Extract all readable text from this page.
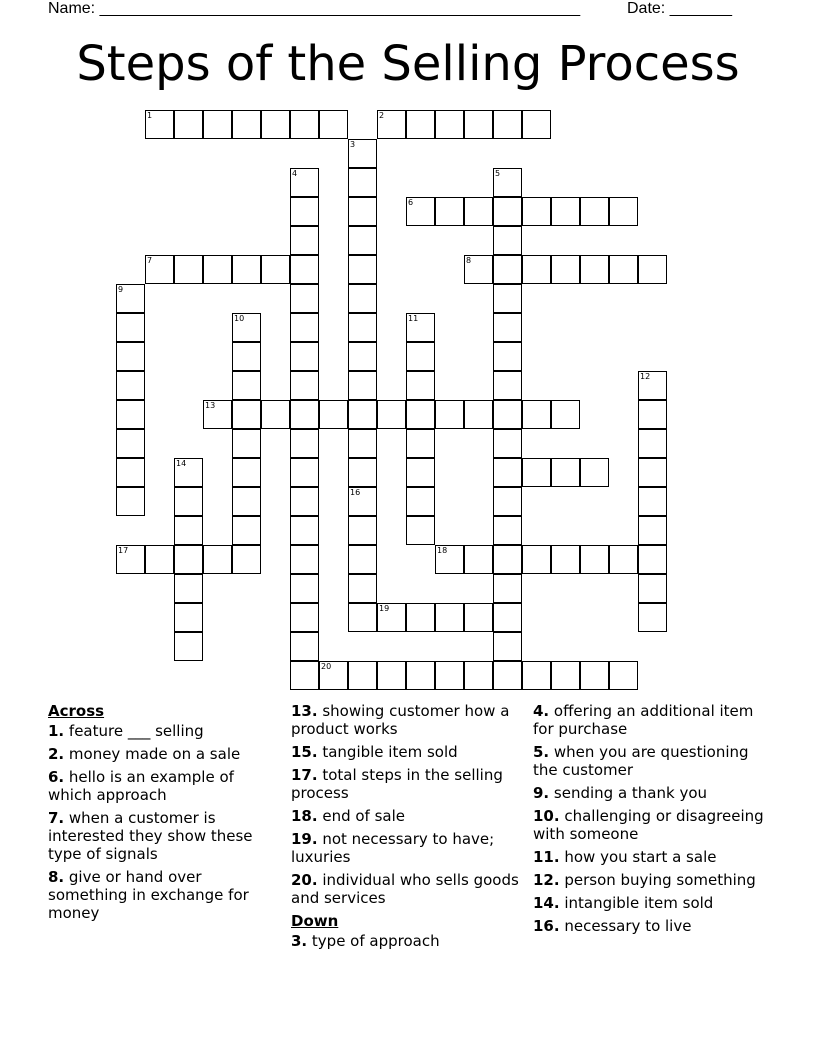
Name: ______________________________________________________	Date: _______
Steps of the Selling Process
1	2
3
4	5
6
7	8
9
10	11
12
13
14
16
17	18
19
20
Across
1. feature ___ selling
2. money made on a sale
6. hello is an example of which approach
7. when a customer is interested they show these type of signals
8. give or hand over something in exchange for money
13. showing customer how a product works
15. tangible item sold
17. total steps in the selling process
18. end of sale
19. not necessary to have; luxuries
20. individual who sells goods and services
Down
3. type of approach
4. offering an additional item for purchase
5. when you are questioning the customer
9. sending a thank you
10. challenging or disagreeing with someone
11. how you start a sale
12. person buying something
14. intangible item sold
16. necessary to live
